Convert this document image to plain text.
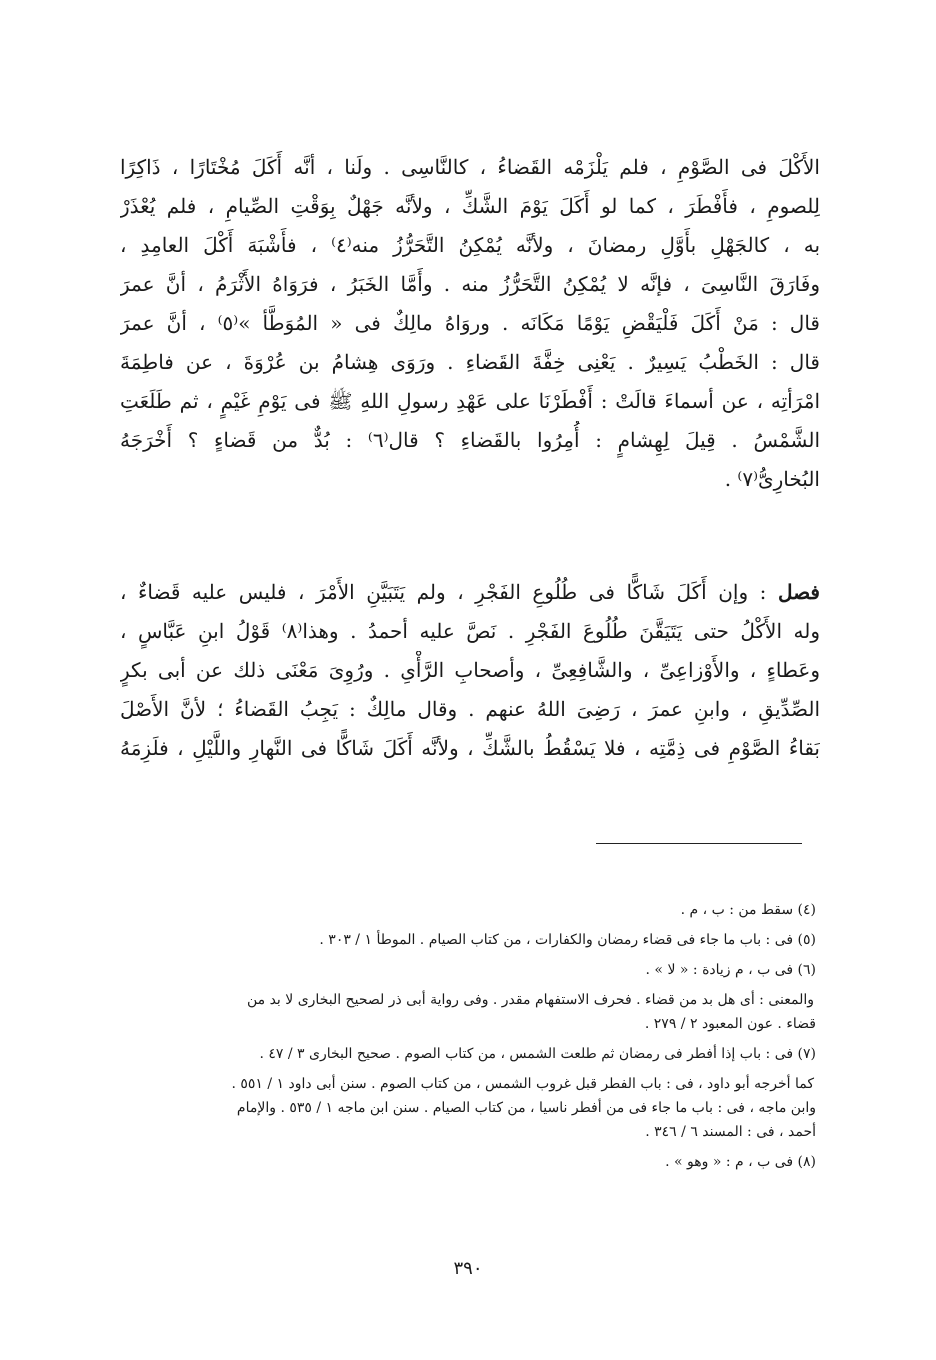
الأَكْلَ فى الصَّوْمِ ، فلم يَلْزَمْه القَضاءُ ، كالنَّاسِى . ولَنا ، أنَّه أَكَلَ مُخْتَارًا ، ذَاكِرًا
لِلصومِ ، فأَفْطَرَ ، كما لو أَكَلَ يَوْمَ الشَّكِّ ، ولأنَّه جَهْلٌ بِوَقْتِ الصِّيامِ ، فلم يُعْذَرْ
به ، كالجَهْلِ بأَوَّلِ رمضانَ ، ولأنَّه يُمْكِنُ التَّحَرُّزُ منه⁽٤⁾ ، فأَشْبَهَ أَكْلَ العامِدِ ،
وفَارَقَ النَّاسِىَ ، فإنَّه لا يُمْكِنُ التَّحَرُّزُ منه . وأَمَّا الخَبَرُ ، فرَوَاهُ الأَثْرَمُ ، أنَّ عمرَ
قال : مَنْ أَكَلَ فَلْيَقْضِ يَوْمًا مَكَانَه . وروَاهُ مالِكٌ فى « المُوَطَّأ »⁽٥⁾ ، أنَّ عمرَ
قال : الخَطْبُ يَسِيرٌ . يَعْنِى خِفَّةَ القَضاءِ . ورَوَى هِشامُ بن عُرْوَةَ ، عن فاطِمَةَ
امْرَأتِه ، عن أسماءَ قالَتْ : أَفْطَرْنَا على عَهْدِ رسولِ اللهِ ﷺ فى يَوْمِ غَيْمٍ ، ثم طَلَعَتِ
الشَّمْسُ . قِيلَ لِهِشامٍ : أُمِرُوا بالقَضاءِ ؟ قال⁽٦⁾ : بُدٌّ من قَضاءٍ ؟ أَخْرَجَهُ
البُخارِىُّ⁽٧⁾ .
فصل : وإن أَكَلَ شَاكًّا فى طُلُوعِ الفَجْرِ ، ولم يَتَبَيَّنِ الأَمْرَ ، فليس عليه قَضاءٌ ،
وله الأَكْلُ حتى يَتَيَقَّنَ طُلُوعَ الفَجْرِ . نَصَّ عليه أحمدُ . وهذا⁽٨⁾ قَوْلُ ابنِ عَبَّاسٍ ،
وعَطاءٍ ، والأَوْزاعِىِّ ، والشَّافِعِىِّ ، وأصحابِ الرَّأْىِ . ورُوِىَ مَعْنَى ذلك عن أبى بكرٍ
الصِّدِّيقِ ، وابنِ عمرَ ، رَضِىَ اللهُ عنهم . وقال مالِكٌ : يَجِبُ القَضاءُ ؛ لأنَّ الأَصْلَ
بَقاءُ الصَّوْمِ فى ذِمَّتِه ، فلا يَسْقُطُ بالشَّكِّ ، ولأنَّه أَكَلَ شَاكًّا فى النَّهارِ واللَّيْلِ ، فلَزِمَهُ
(٤) سقط من : ب ، م .
(٥) فى : باب ما جاء فى قضاء رمضان والكفارات ، من كتاب الصيام . الموطأ ١ / ٣٠٣ .
(٦) فى ب ، م زيادة : « لا » .
والمعنى : أى هل بد من قضاء . فحرف الاستفهام مقدر . وفى رواية أبى ذر لصحيح البخارى لا بد من
قضاء . عون المعبود ٢ / ٢٧٩ .
(٧) فى : باب إذا أفطر فى رمضان ثم طلعت الشمس ، من كتاب الصوم . صحيح البخارى ٣ / ٤٧ .
كما أخرجه أبو داود ، فى : باب الفطر قبل غروب الشمس ، من كتاب الصوم . سنن أبى داود ١ / ٥٥١ .
وابن ماجه ، فى : باب ما جاء فى من أفطر ناسيا ، من كتاب الصيام . سنن ابن ماجه ١ / ٥٣٥ . والإمام
أحمد ، فى : المسند ٦ / ٣٤٦ .
(٨) فى ب ، م : « وهو » .
٣٩٠
